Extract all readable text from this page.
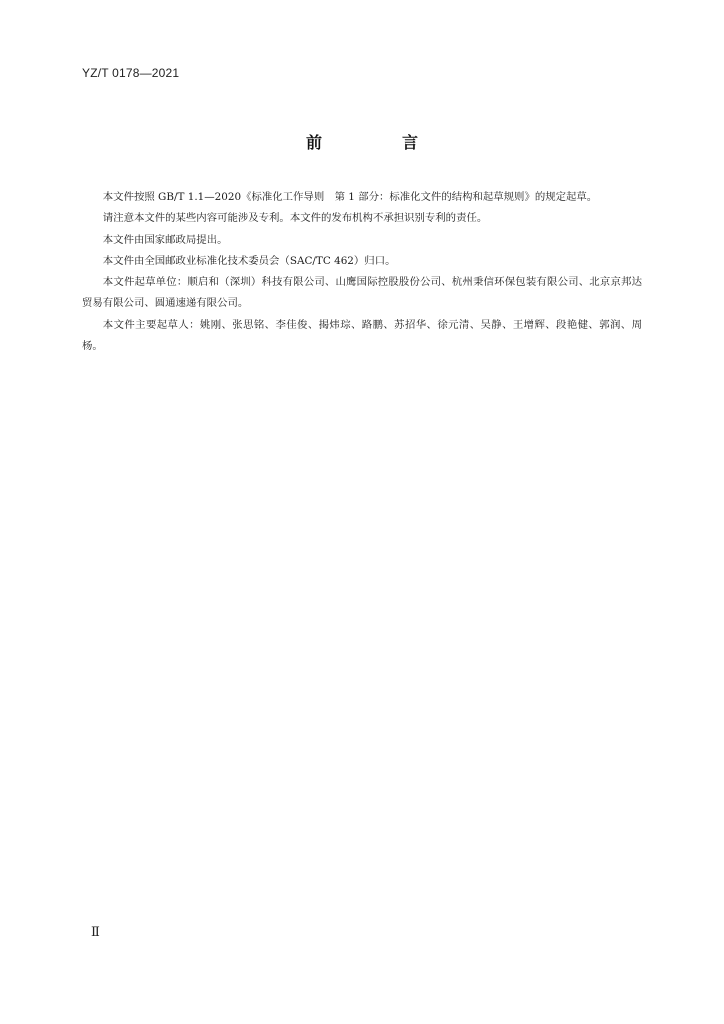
YZ/T 0178—2021
前　言

本文件按照 GB/T 1.1—2020《标准化工作导则　第 1 部分：标准化文件的结构和起草规则》的规定起草。

请注意本文件的某些内容可能涉及专利。本文件的发布机构不承担识别专利的责任。

本文件由国家邮政局提出。

本文件由全国邮政业标准化技术委员会（SAC/TC 462）归口。

本文件起草单位：顺启和（深圳）科技有限公司、山鹰国际控股股份公司、杭州秉信环保包装有限公司、北京京邦达贸易有限公司、圆通速递有限公司。

本文件主要起草人：姚刚、张思铭、李佳俊、揭炜琮、路鹏、苏招华、徐元清、吴静、王增辉、段艳健、郭润、周杨。

Ⅱ
